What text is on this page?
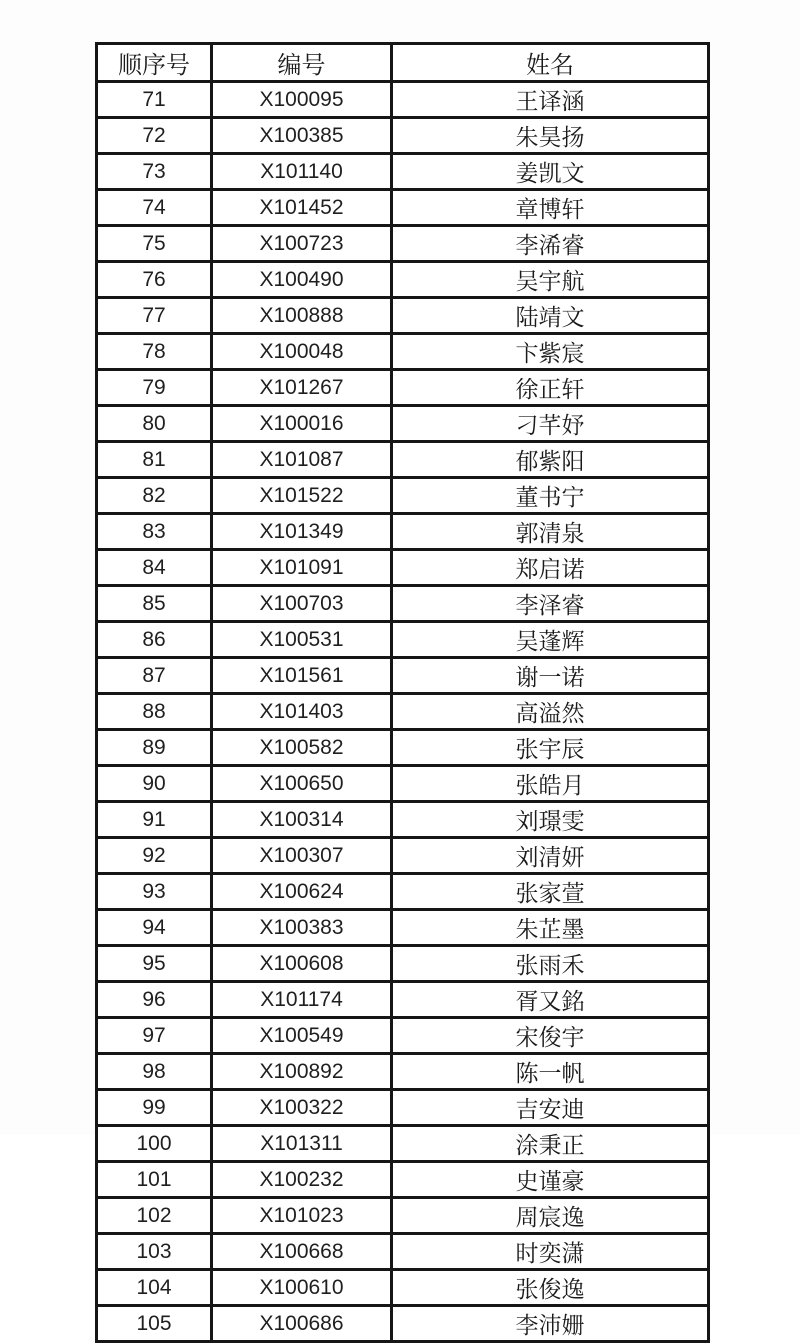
顺序号	编号	姓名
71	X100095	王译涵
72	X100385	朱昊扬
73	X101140	姜凯文
74	X101452	章博轩
75	X100723	李浠睿
76	X100490	吴宇航
77	X100888	陆靖文
78	X100048	卞紫宸
79	X101267	徐正轩
80	X100016	刁芊妤
81	X101087	郁紫阳
82	X101522	董书宁
83	X101349	郭清泉
84	X101091	郑启诺
85	X100703	李泽睿
86	X100531	吴蓬辉
87	X101561	谢一诺
88	X101403	高溢然
89	X100582	张宇辰
90	X100650	张皓月
91	X100314	刘璟雯
92	X100307	刘清妍
93	X100624	张家萱
94	X100383	朱芷墨
95	X100608	张雨禾
96	X101174	胥又銘
97	X100549	宋俊宇
98	X100892	陈一帆
99	X100322	吉安迪
100	X101311	涂秉正
101	X100232	史谨豪
102	X101023	周宸逸
103	X100668	时奕潇
104	X100610	张俊逸
105	X100686	李沛姗
